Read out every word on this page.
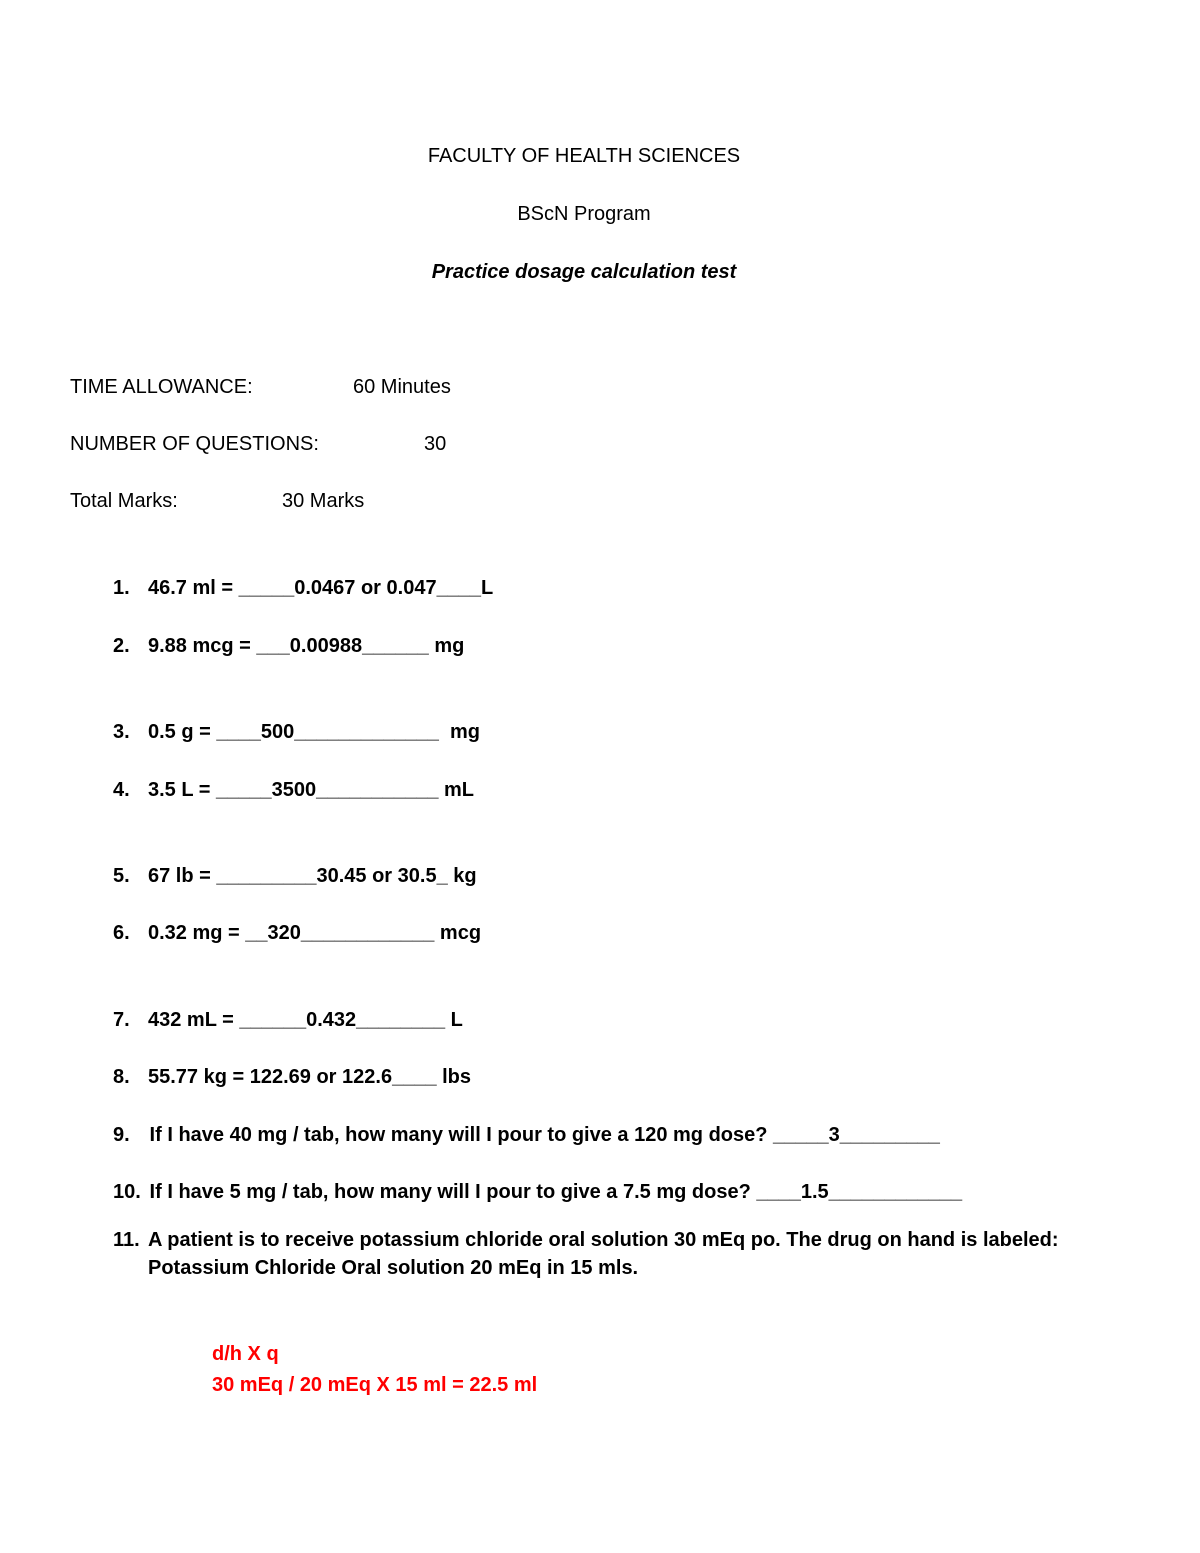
FACULTY OF HEALTH SCIENCES
BScN Program
Practice dosage calculation test
TIME ALLOWANCE:	60 Minutes
NUMBER OF QUESTIONS:	30
Total Marks:	30 Marks
1. 46.7 ml = _____0.0467 or 0.047____L
2. 9.88 mcg = ___0.00988______ mg
3. 0.5 g = ____500_____________  mg
4. 3.5 L = _____3500___________ mL
5. 67 lb = _________30.45 or 30.5_ kg
6. 0.32 mg = __320____________ mcg
7. 432 mL = ______0.432________ L
8. 55.77 kg = 122.69 or 122.6____ lbs
9. If I have 40 mg / tab, how many will I pour to give a 120 mg dose? _____3_________
10. If I have 5 mg / tab, how many will I pour to give a 7.5 mg dose? ____1.5____________
11. A patient is to receive potassium chloride oral solution 30 mEq po. The drug on hand is labeled:
Potassium Chloride Oral solution 20 mEq in 15 mls.
d/h X q
30 mEq / 20 mEq X 15 ml = 22.5 ml
